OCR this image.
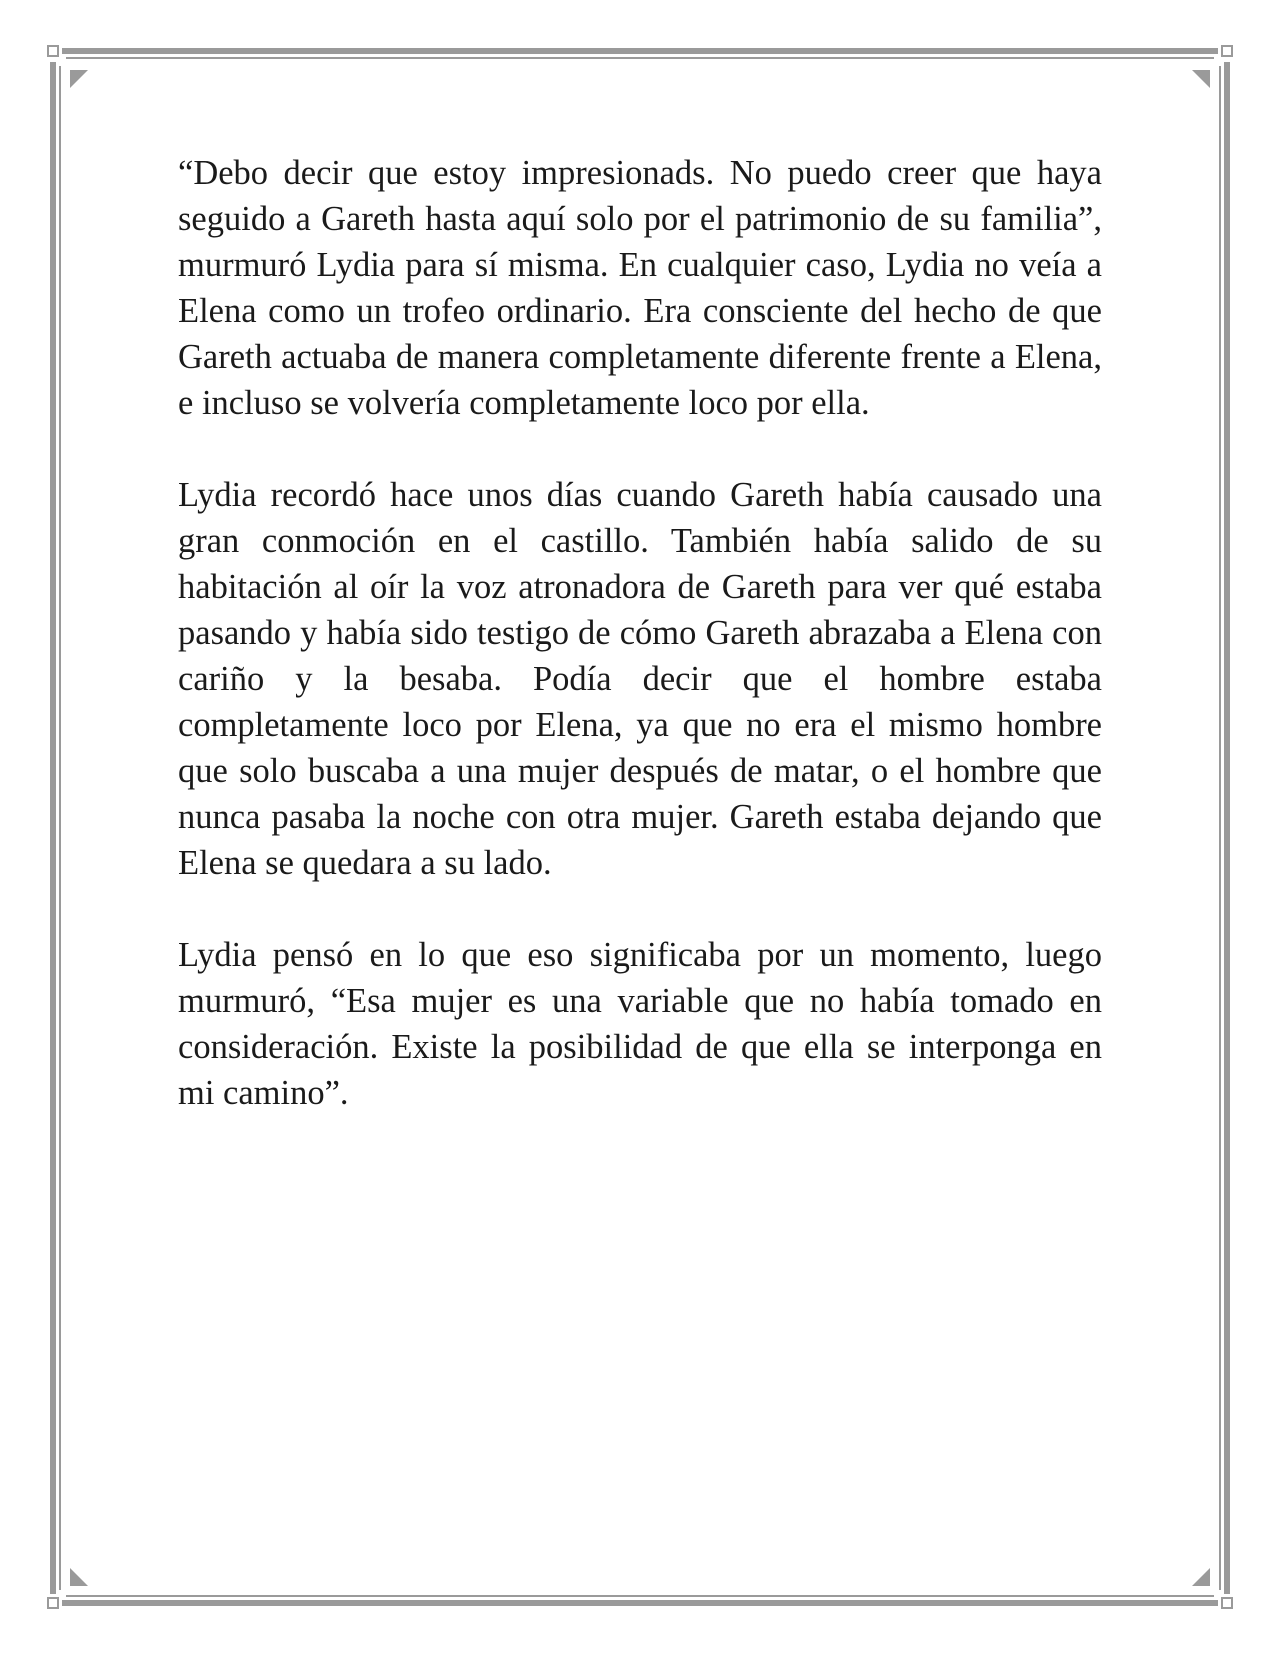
“Debo decir que estoy impresionads. No puedo creer que haya seguido a Gareth hasta aquí solo por el patrimonio de su familia”, murmuró Lydia para sí misma. En cualquier caso, Lydia no veía a Elena como un trofeo ordinario. Era consciente del hecho de que Gareth actuaba de manera completamente diferente frente a Elena, e incluso se volvería completamente loco por ella.

Lydia recordó hace unos días cuando Gareth había causado una gran conmoción en el castillo. También había salido de su habitación al oír la voz atronadora de Gareth para ver qué estaba pasando y había sido testigo de cómo Gareth abrazaba a Elena con cariño y la besaba. Podía decir que el hombre estaba completamente loco por Elena, ya que no era el mismo hombre que solo buscaba a una mujer después de matar, o el hombre que nunca pasaba la noche con otra mujer. Gareth estaba dejando que Elena se quedara a su lado.

Lydia pensó en lo que eso significaba por un momento, luego murmuró, “Esa mujer es una variable que no había tomado en consideración. Existe la posibilidad de que ella se interponga en mi camino”.
